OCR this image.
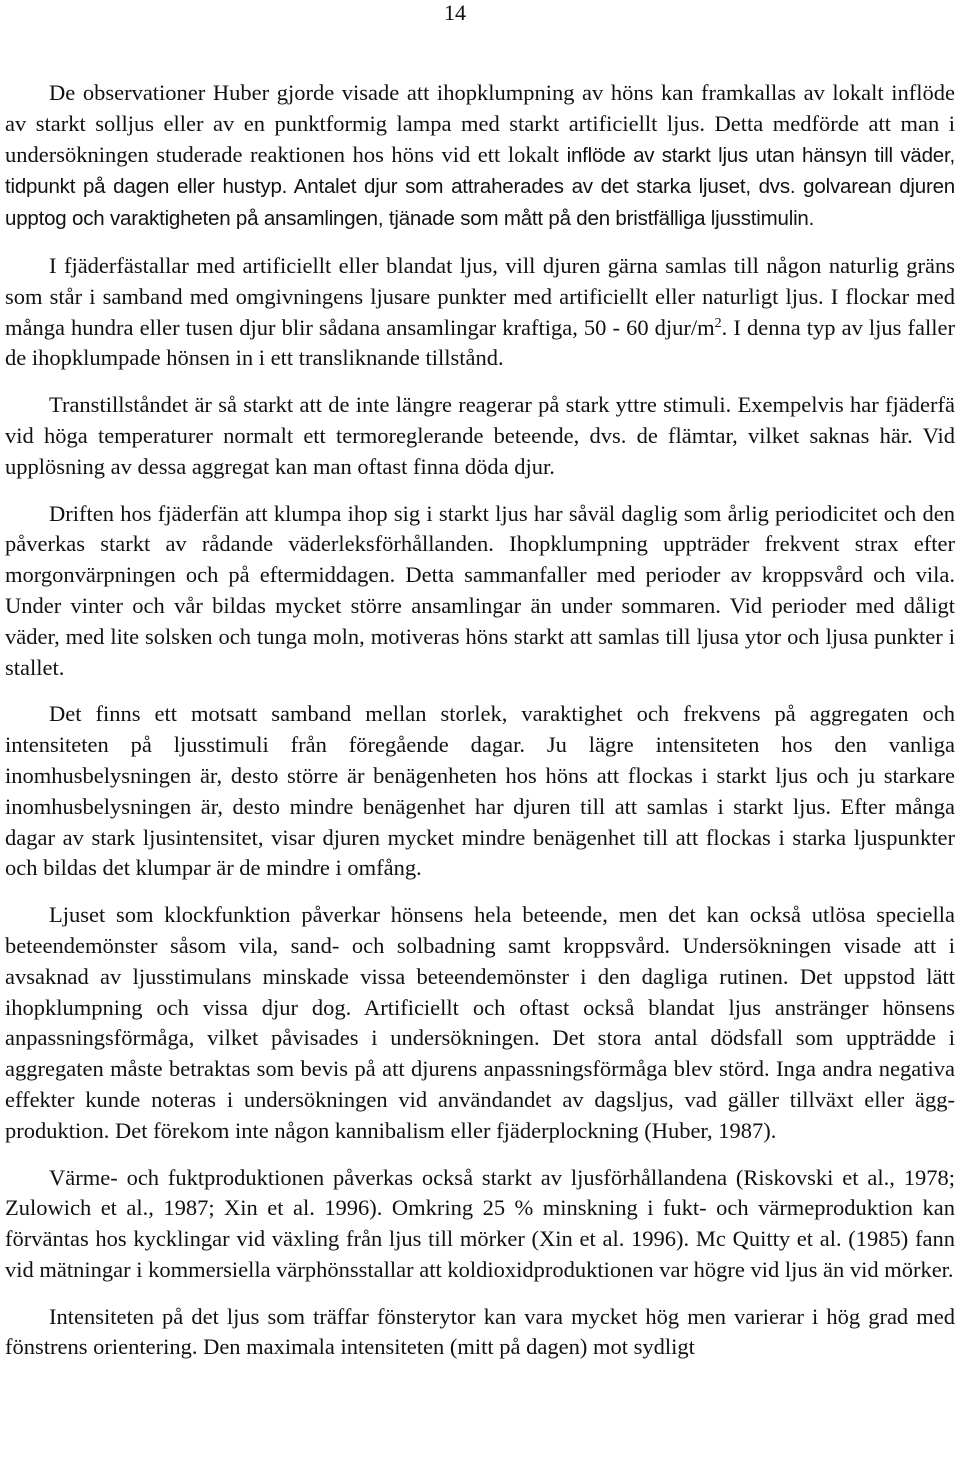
14

De observationer Huber gjorde visade att ihopklumpning av höns kan framkallas av lokalt inflöde av starkt solljus eller av en punktformig lampa med starkt artificiellt ljus. Detta medförde att man i undersökningen studerade reaktionen hos höns vid ett lokalt inflöde av starkt ljus utan hänsyn till väder, tidpunkt på dagen eller hustyp. Antalet djur som attraherades av det starka ljuset, dvs. golvarean djuren upptog och varaktigheten på ansamlingen, tjänade som mått på den bristfälliga ljusstimulin.

I fjäderfästallar med artificiellt eller blandat ljus, vill djuren gärna samlas till någon naturlig gräns som står i samband med omgivningens ljusare punkter med artificiellt eller naturligt ljus. I flockar med många hundra eller tusen djur blir sådana ansamlingar kraftiga, 50 - 60 djur/$m^2$. I denna typ av ljus faller de ihopklumpade hönsen in i ett transliknande tillstånd.

Transtillståndet är så starkt att de inte längre reagerar på stark yttre stimuli. Exempelvis har fjäderfä vid höga temperaturer normalt ett termoreglerande beteende, dvs. de flämtar, vilket saknas här. Vid upplösning av dessa aggregat kan man oftast finna döda djur.

Driften hos fjäderfän att klumpa ihop sig i starkt ljus har såväl daglig som årlig periodicitet och den påverkas starkt av rådande väderleksförhållanden. Ihopklumpning uppträder frekvent strax efter morgonvärpningen och på eftermiddagen. Detta sammanfaller med perioder av kroppsvård och vila. Under vinter och vår bildas mycket större ansamlingar än under sommaren. Vid perioder med dåligt väder, med lite solsken och tunga moln, motiveras höns starkt att samlas till ljusa ytor och ljusa punkter i stallet.

Det finns ett motsatt samband mellan storlek, varaktighet och frekvens på aggregaten och intensiteten på ljusstimuli från föregående dagar. Ju lägre intensiteten hos den vanliga inomhusbelysningen är, desto större är benägenheten hos höns att flockas i starkt ljus och ju starkare inomhusbelysningen är, desto mindre benägenhet har djuren till att samlas i starkt ljus. Efter många dagar av stark ljusintensitet, visar djuren mycket mindre benägenhet till att flockas i starka ljuspunkter och bildas det klumpar är de mindre i omfång.

Ljuset som klockfunktion påverkar hönsens hela beteende, men det kan också utlösa speciella beteendemönster såsom vila, sand- och solbadning samt kroppsvård. Undersökningen visade att i avsaknad av ljusstimulans minskade vissa beteendemönster i den dagliga rutinen. Det uppstod lätt ihopklumpning och vissa djur dog. Artificiellt och oftast också blandat ljus anstränger hönsens anpassningsförmåga, vilket påvisades i undersökningen. Det stora antal dödsfall som uppträdde i aggregaten måste betraktas som bevis på att djurens anpassningsförmåga blev störd. Inga andra negativa effekter kunde noteras i undersökningen vid användandet av dagsljus, vad gäller tillväxt eller ägg-produktion. Det förekom inte någon kannibalism eller fjäderplockning (Huber, 1987).

Värme- och fuktproduktionen påverkas också starkt av ljusförhållandena (Riskovski et al., 1978; Zulowich et al., 1987; Xin et al. 1996). Omkring 25 % minskning i fukt- och värmeproduktion kan förväntas hos kycklingar vid växling från ljus till mörker (Xin et al. 1996). Mc Quitty et al. (1985) fann vid mätningar i kommersiella värphönsstallar att koldioxidproduktionen var högre vid ljus än vid mörker.

Intensiteten på det ljus som träffar fönsterytor kan vara mycket hög men varierar i hög grad med fönstrens orientering. Den maximala intensiteten (mitt på dagen) mot sydligt
